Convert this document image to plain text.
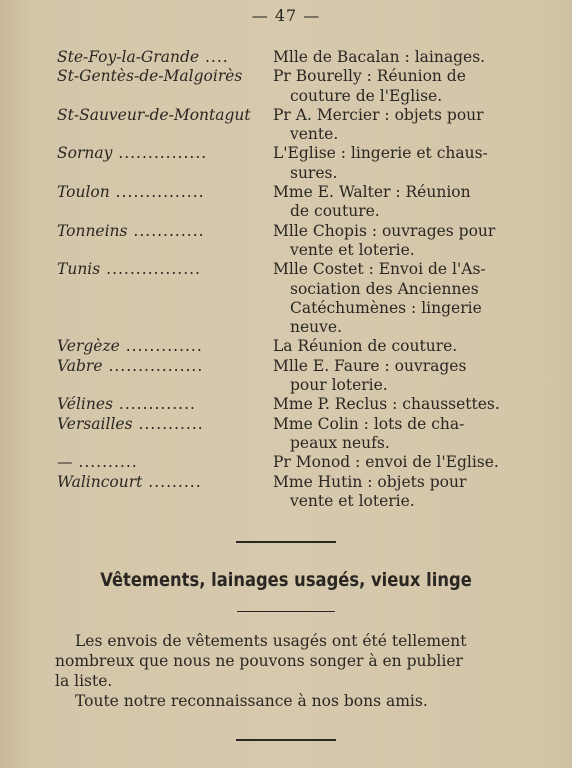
— 47 —
Ste-Foy-la-Grande ....	Mlle de Bacalan : lainages.
St-Gentès-de-Malgoirès	Pr Bourelly : Réunion de
couture de l'Eglise.
St-Sauveur-de-Montagut	Pr A. Mercier : objets pour
vente.
Sornay ...............	L'Eglise : lingerie et chaus-
sures.
Toulon ...............	Mme E. Walter : Réunion
de couture.
Tonneins ............	Mlle Chopis : ouvrages pour
vente et loterie.
Tunis ................	Mlle Costet : Envoi de l'As-
sociation des Anciennes
Catéchumènes : lingerie
neuve.
Vergèze .............	La Réunion de couture.
Vabre ................	Mlle E. Faure : ouvrages
pour loterie.
Vélines .............	Mme P. Reclus : chaussettes.
Versailles ...........	Mme Colin : lots de cha-
peaux neufs.
— ..........	Pr Monod : envoi de l'Eglise.
Walincourt .........	Mme Hutin : objets pour
vente et loterie.
Vêtements, lainages usagés, vieux linge
Les envois de vêtements usagés ont été tellement
nombreux que nous ne pouvons songer à en publier
la liste.
Toute notre reconnaissance à nos bons amis.
